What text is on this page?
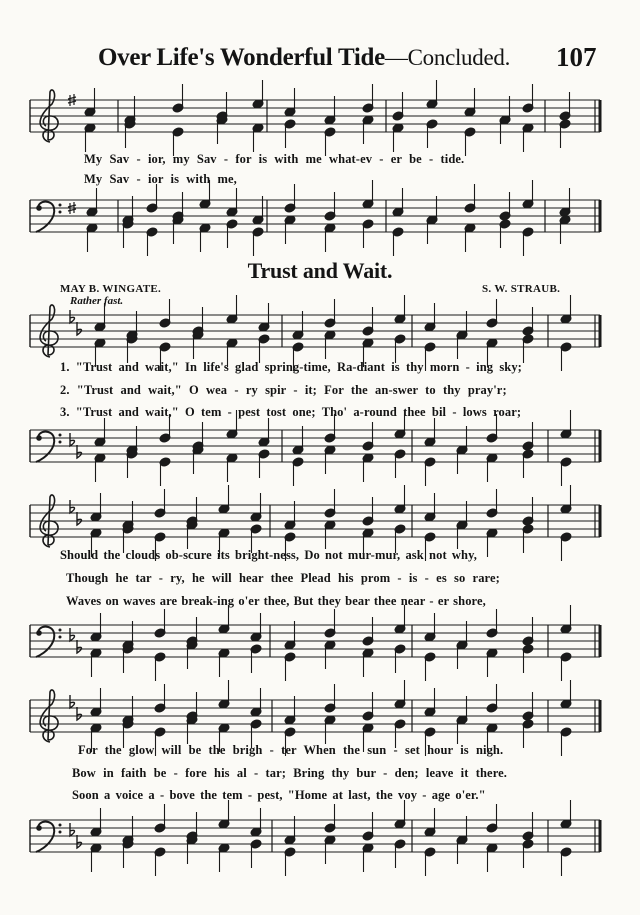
Over Life's Wonderful Tide—Concluded. 107
My Sav - ior, my Sav - for is with me what-ev - er be - tide.
My Sav - ior is with me,
Trust and Wait.
MAY B. WINGATE.	S. W. STRAUB.
Rather fast.
1. "Trust and wait," In life's glad spring-time, Ra-diant is thy morn - ing sky;
2. "Trust and wait," O wea - ry spir - it; For the an-swer to thy pray'r;
3. "Trust and wait," O tem - pest tost one; Tho' a-round thee bil - lows roar;
Should the clouds ob-scure its bright-ness, Do not mur-mur, ask not why,
Though he tar - ry, he will hear thee Plead his prom - is - es so rare;
Waves on waves are break-ing o'er thee, But they bear thee near - er shore,
For the glow will be the brigh - ter When the sun - set hour is nigh.
Bow in faith be - fore his al - tar; Bring thy bur - den; leave it there.
Soon a voice a - bove the tem - pest, "Home at last, the voy - age o'er."
